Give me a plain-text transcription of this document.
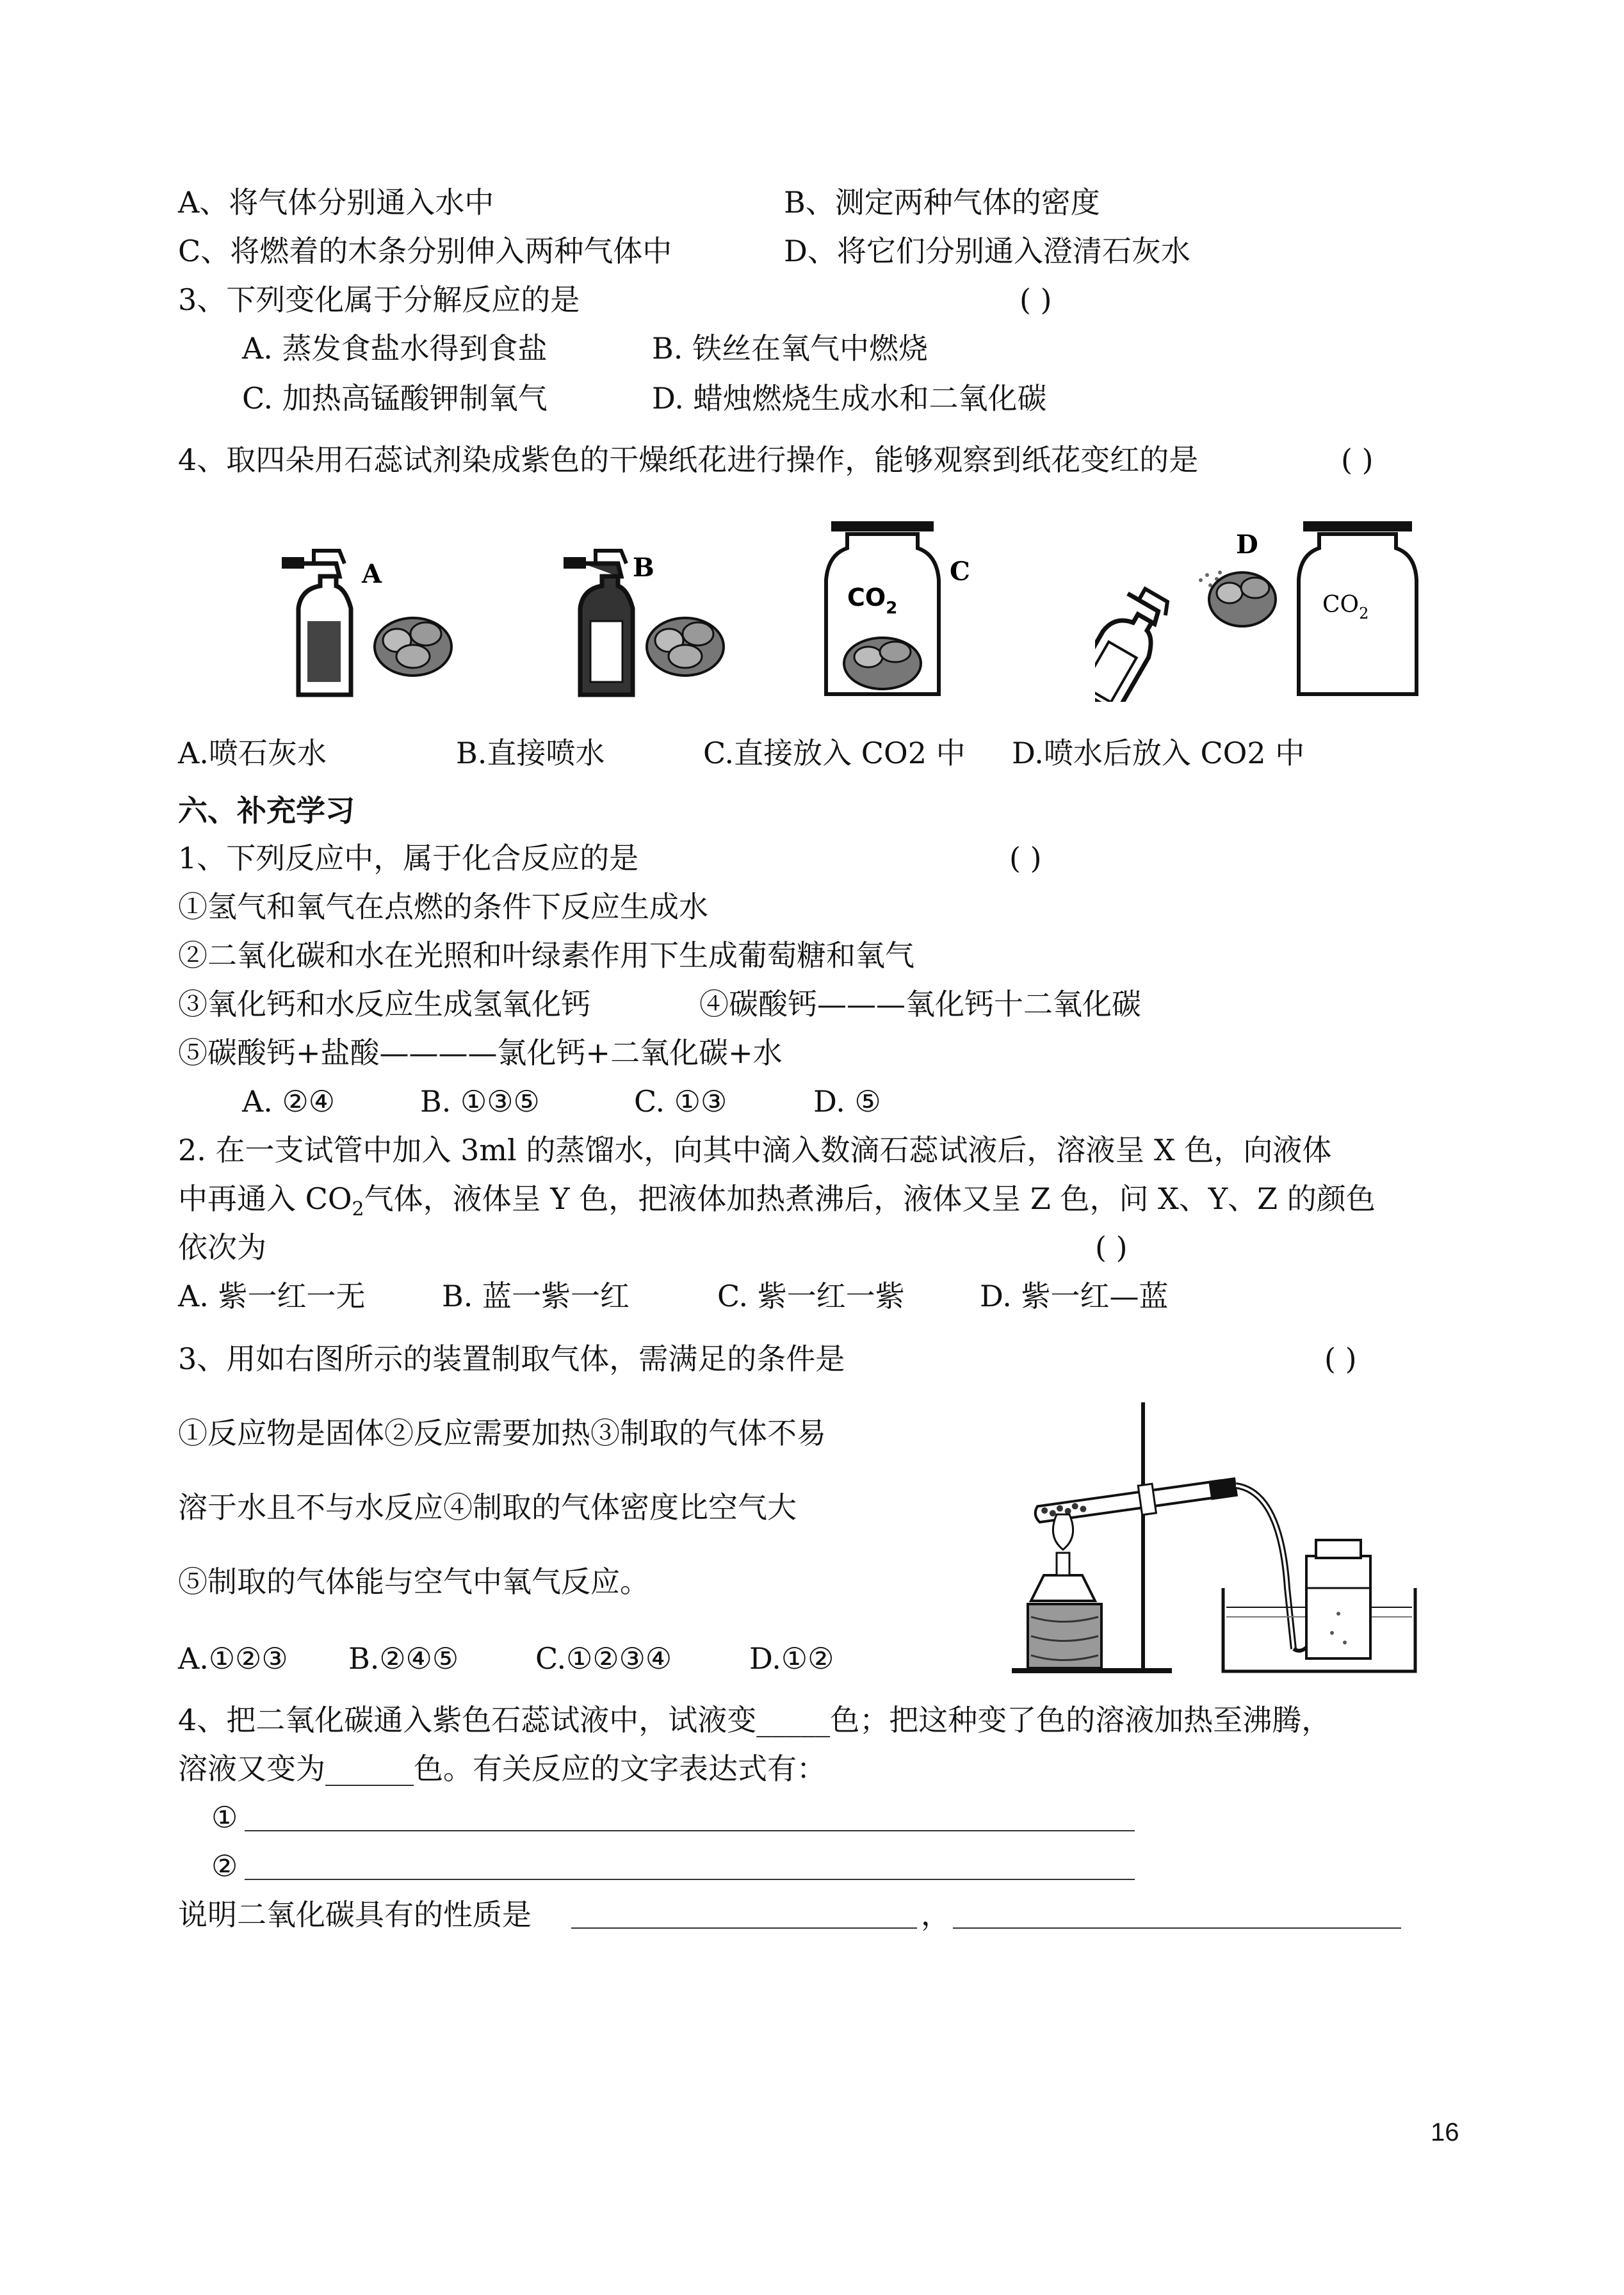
A、将气体分别通入水中	B、测定两种气体的密度
C、将燃着的木条分别伸入两种气体中	D、将它们分别通入澄清石灰水
3、下列变化属于分解反应的是	( )
A. 蒸发食盐水得到食盐	B. 铁丝在氧气中燃烧
C. 加热高锰酸钾制氧气	D. 蜡烛燃烧生成水和二氧化碳
4、取四朵用石蕊试剂染成紫色的干燥纸花进行操作，能够观察到纸花变红的是	( )
A	B
$CO_2$
C
D
$CO_2$
A.喷石灰水	B.直接喷水	C.直接放入 CO2 中 D.喷水后放入 CO2 中
六、补充学习
1、下列反应中，属于化合反应的是	( )
①氢气和氧气在点燃的条件下反应生成水
②二氧化碳和水在光照和叶绿素作用下生成葡萄糖和氧气
③氧化钙和水反应生成氢氧化钙	④碳酸钙———氧化钙十二氧化碳
⑤碳酸钙+盐酸————氯化钙+二氧化碳+水
A. ②④	B. ①③⑤	C. ①③	D. ⑤
2. 在一支试管中加入 3ml 的蒸馏水，向其中滴入数滴石蕊试液后，溶液呈 X 色，向液体
中再通入 $CO_2$气体，液体呈 Y 色，把液体加热煮沸后，液体又呈 Z 色，问 X、Y、Z 的颜色
依次为	( )
A. 紫一红一无	B. 蓝一紫一红	C. 紫一红一紫	D. 紫一红—蓝
3、用如右图所示的装置制取气体，需满足的条件是	( )
①反应物是固体②反应需要加热③制取的气体不易
溶于水且不与水反应④制取的气体密度比空气大
⑤制取的气体能与空气中氧气反应。
A.①②③ B.②④⑤	C.①②③④	D.①②
4、把二氧化碳通入紫色石蕊试液中，试液变_____色；把这种变了色的溶液加热至沸腾，
溶液又变为______色。有关反应的文字表达式有：
①
②
说明二氧化碳具有的性质是	，
16
